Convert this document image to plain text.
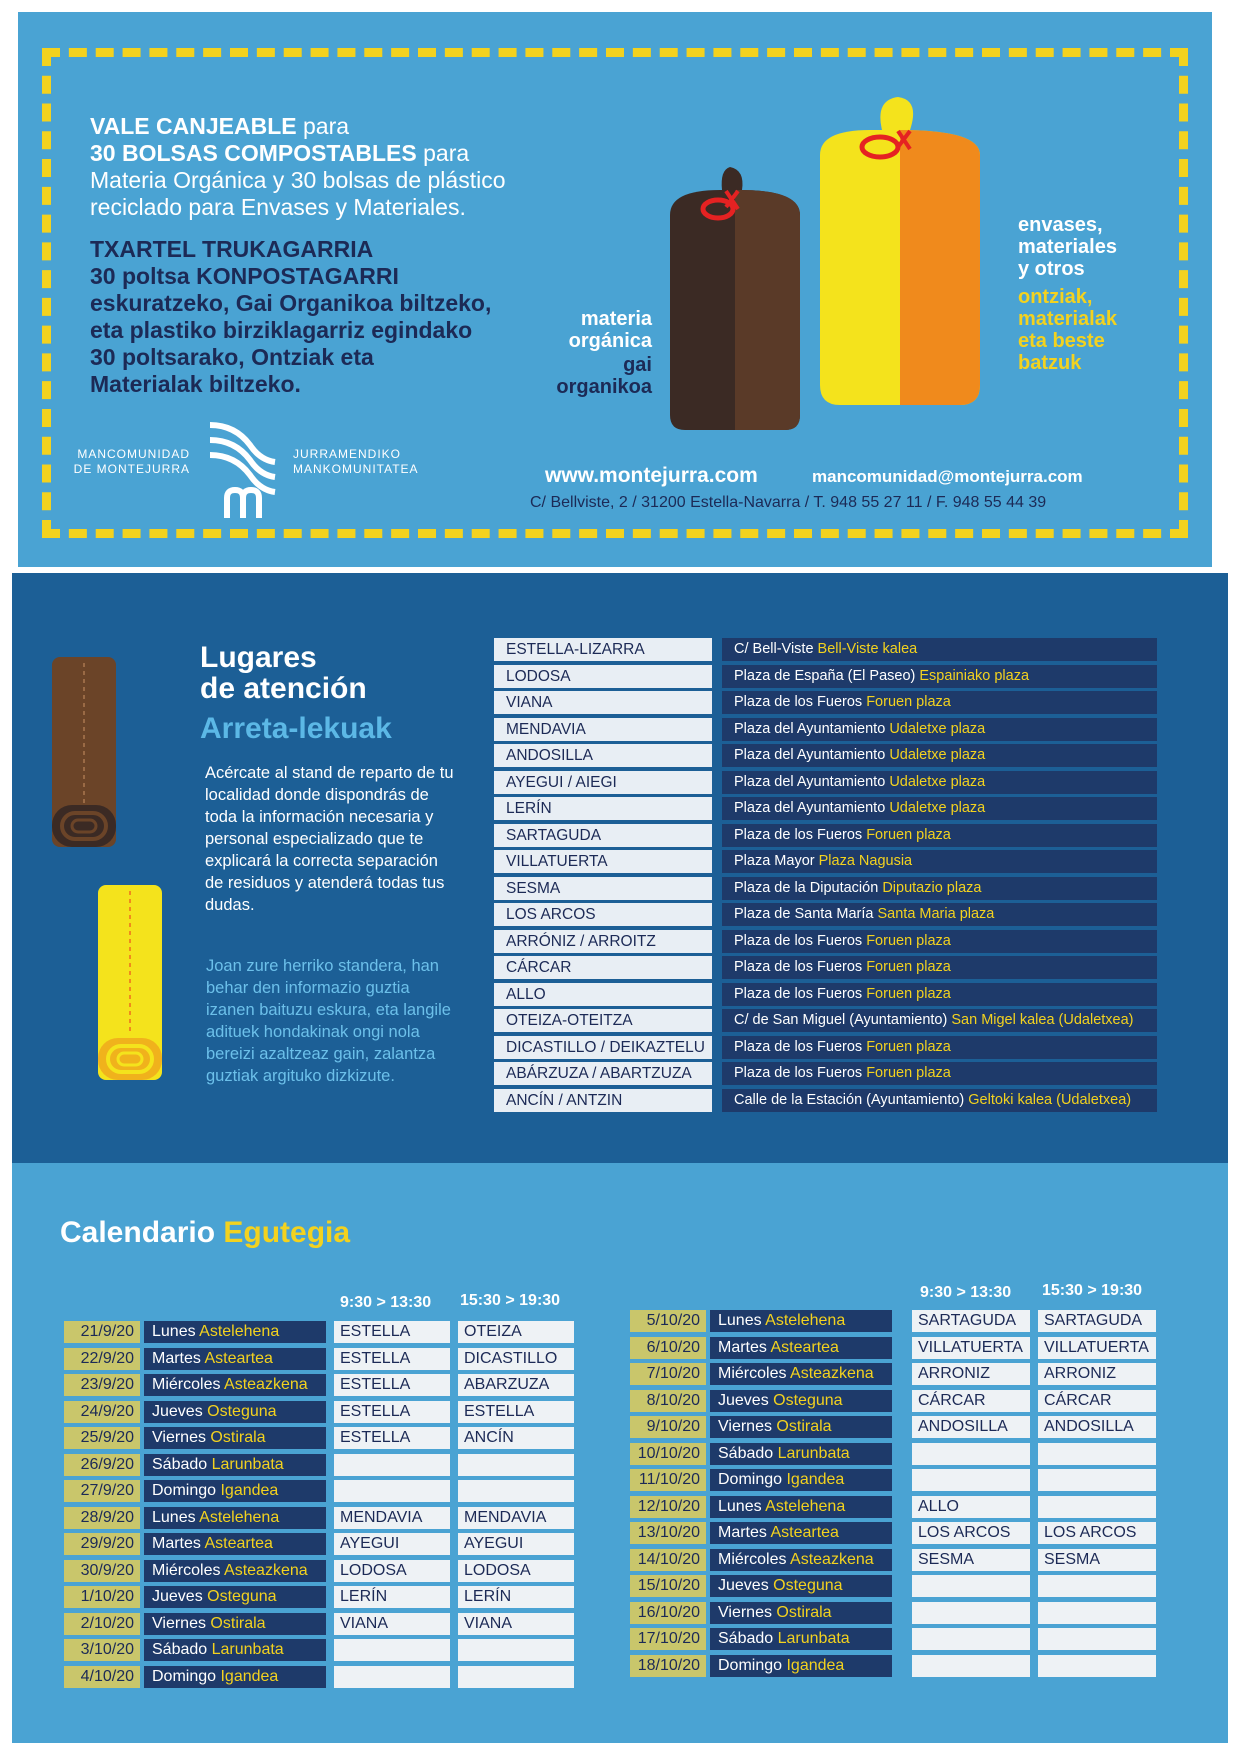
VALE CANJEABLE para
30 BOLSAS COMPOSTABLES para
Materia Orgánica y 30 bolsas de plástico
reciclado para Envases y Materiales.
TXARTEL TRUKAGARRIA
30 poltsa KONPOSTAGARRI
eskuratzeko, Gai Organikoa biltzeko,
eta plastiko birziklagarriz egindako
30 poltsarako, Ontziak eta
Materialak biltzeko.
MANCOMUNIDAD
DE MONTEJURRA
JURRAMENDIKO
MANKOMUNITATEA
materia
orgánica
gai
organikoa
envases,
materiales
y otros
ontziak,
materialak
eta beste
batzuk
www.montejurra.com	mancomunidad@montejurra.com
C/ Bellviste, 2 / 31200 Estella-Navarra / T. 948 55 27 11 / F. 948 55 44 39
Lugares
de atención
Arreta-lekuak
Acércate al stand de reparto de tu localidad donde dispondrás de toda la información necesaria y personal especializado que te explicará la correcta separación de residuos y atenderá todas tus dudas.
Joan zure herriko standera, han behar den informazio guztia izanen baituzu eskura, eta langile adituek hondakinak ongi nola bereizi azaltzeaz gain, zalantza guztiak argituko dizkizute.
ESTELLA-LIZARRA	C/ Bell-Viste Bell-Viste kalea
LODOSA	Plaza de España (El Paseo) Espainiako plaza
VIANA	Plaza de los Fueros Foruen plaza
MENDAVIA	Plaza del Ayuntamiento Udaletxe plaza
ANDOSILLA	Plaza del Ayuntamiento Udaletxe plaza
AYEGUI / AIEGI	Plaza del Ayuntamiento Udaletxe plaza
LERÍN	Plaza del Ayuntamiento Udaletxe plaza
SARTAGUDA	Plaza de los Fueros Foruen plaza
VILLATUERTA	Plaza Mayor Plaza Nagusia
SESMA	Plaza de la Diputación Diputazio plaza
LOS ARCOS	Plaza de Santa María Santa Maria plaza
ARRÓNIZ / ARROITZ	Plaza de los Fueros Foruen plaza
CÁRCAR	Plaza de los Fueros Foruen plaza
ALLO	Plaza de los Fueros Foruen plaza
OTEIZA-OTEITZA	C/ de San Miguel (Ayuntamiento) San Migel kalea (Udaletxea)
DICASTILLO / DEIKAZTELU	Plaza de los Fueros Foruen plaza
ABÁRZUZA / ABARTZUZA	Plaza de los Fueros Foruen plaza
ANCÍN / ANTZIN	Calle de la Estación (Ayuntamiento) Geltoki kalea (Udaletxea)
Calendario Egutegia
9:30 > 13:30 15:30 > 19:30	9:30 > 13:30 15:30 > 19:30
21/9/20	Lunes Astelehena	ESTELLA	OTEIZA
22/9/20	Martes Asteartea	ESTELLA	DICASTILLO
23/9/20	Miércoles Asteazkena	ESTELLA	ABARZUZA
24/9/20	Jueves Osteguna	ESTELLA	ESTELLA
25/9/20	Viernes Ostirala	ESTELLA	ANCÍN
26/9/20	Sábado Larunbata
27/9/20	Domingo Igandea
28/9/20	Lunes Astelehena	MENDAVIA	MENDAVIA
29/9/20	Martes Asteartea	AYEGUI	AYEGUI
30/9/20	Miércoles Asteazkena	LODOSA	LODOSA
1/10/20	Jueves Osteguna	LERÍN	LERÍN
2/10/20	Viernes Ostirala	VIANA	VIANA
3/10/20	Sábado Larunbata
4/10/20	Domingo Igandea
5/10/20	Lunes Astelehena	SARTAGUDA	SARTAGUDA
6/10/20	Martes Asteartea	VILLATUERTA	VILLATUERTA
7/10/20	Miércoles Asteazkena	ARRONIZ	ARRONIZ
8/10/20	Jueves Osteguna	CÁRCAR	CÁRCAR
9/10/20	Viernes Ostirala	ANDOSILLA	ANDOSILLA
10/10/20	Sábado Larunbata
11/10/20	Domingo Igandea
12/10/20	Lunes Astelehena	ALLO
13/10/20	Martes Asteartea	LOS ARCOS	LOS ARCOS
14/10/20	Miércoles Asteazkena	SESMA	SESMA
15/10/20	Jueves Osteguna
16/10/20	Viernes Ostirala
17/10/20	Sábado Larunbata
18/10/20	Domingo Igandea
